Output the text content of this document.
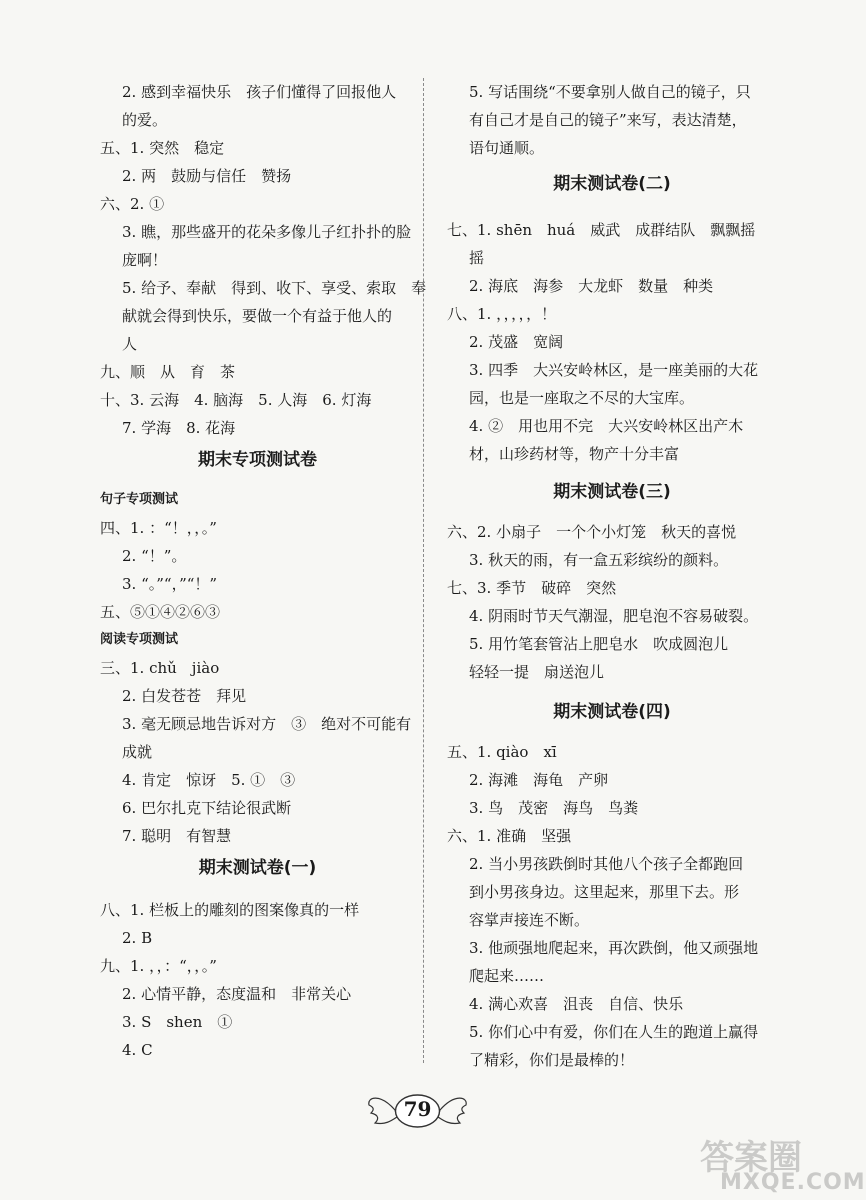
2. 感到幸福快乐　孩子们懂得了回报他人
的爱。
五、1. 突然　稳定
2. 两　鼓励与信任　赞扬
六、2. ①
3. 瞧，那些盛开的花朵多像儿子红扑扑的脸
庞啊！
5. 给予、奉献　得到、收下、享受、索取　奉
献就会得到快乐，要做一个有益于他人的
人
九、顺　从　育　茶
十、3. 云海　4. 脑海　5. 人海　6. 灯海
7. 学海　8. 花海
期末专项测试卷
句子专项测试
四、1. ：“！，，。”
2. “！”。
3. “。”“，”“！”
五、⑤①④②⑥③
阅读专项测试
三、1. chǔ　jiào
2. 白发苍苍　拜见
3. 毫无顾忌地告诉对方　③　绝对不可能有
成就
4. 肯定　惊讶　5. ①　③
6. 巴尔扎克下结论很武断
7. 聪明　有智慧
期末测试卷(一)
八、1. 栏板上的雕刻的图案像真的一样
2. B
九、1. ，，：“，，。”
2. 心情平静，态度温和　非常关心
3. S　shen　①
4. C
5. 写话围绕“不要拿别人做自己的镜子，只
有自己才是自己的镜子”来写，表达清楚，
语句通顺。
期末测试卷(二)
七、1. shēn　huá　威武　成群结队　飘飘摇
摇
2. 海底　海参　大龙虾　数量　种类
八、1. ，，，，，！
2. 茂盛　宽阔
3. 四季　大兴安岭林区，是一座美丽的大花
园，也是一座取之不尽的大宝库。
4. ②　用也用不完　大兴安岭林区出产木
材，山珍药材等，物产十分丰富
期末测试卷(三)
六、2. 小扇子　一个个小灯笼　秋天的喜悦
3. 秋天的雨，有一盒五彩缤纷的颜料。
七、3. 季节　破碎　突然
4. 阴雨时节天气潮湿，肥皂泡不容易破裂。
5. 用竹笔套管沾上肥皂水　吹成圆泡儿
轻轻一提　扇送泡儿
期末测试卷(四)
五、1. qiào　xī
2. 海滩　海龟　产卵
3. 鸟　茂密　海鸟　鸟粪
六、1. 准确　坚强
2. 当小男孩跌倒时其他八个孩子全都跑回
到小男孩身边。这里起来，那里下去。形
容掌声接连不断。
3. 他顽强地爬起来，再次跌倒，他又顽强地
爬起来……
4. 满心欢喜　沮丧　自信、快乐
5. 你们心中有爱，你们在人生的跑道上赢得
了精彩，你们是最棒的！
79
答案圈
MXQE.COM
